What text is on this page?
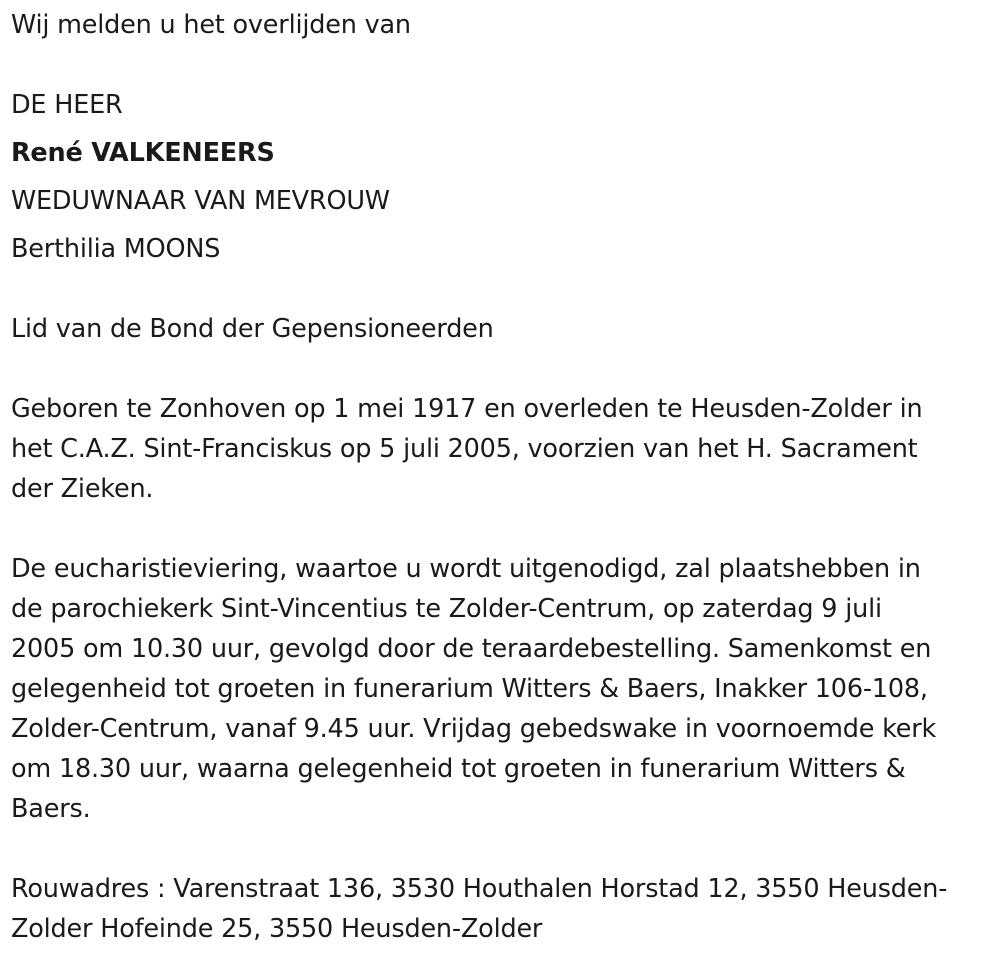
Wij melden u het overlijden van
DE HEER
René VALKENEERS
WEDUWNAAR VAN MEVROUW
Berthilia MOONS
Lid van de Bond der Gepensioneerden
Geboren te Zonhoven op 1 mei 1917 en overleden te Heusden-Zolder in
het C.A.Z. Sint-Franciskus op 5 juli 2005, voorzien van het H. Sacrament
der Zieken.
De eucharistieviering, waartoe u wordt uitgenodigd, zal plaatshebben in
de parochiekerk Sint-Vincentius te Zolder-Centrum, op zaterdag 9 juli
2005 om 10.30 uur, gevolgd door de teraardebestelling. Samenkomst en
gelegenheid tot groeten in funerarium Witters & Baers, Inakker 106-108,
Zolder-Centrum, vanaf 9.45 uur. Vrijdag gebedswake in voornoemde kerk
om 18.30 uur, waarna gelegenheid tot groeten in funerarium Witters &
Baers.
Rouwadres : Varenstraat 136, 3530 Houthalen Horstad 12, 3550 Heusden-
Zolder Hofeinde 25, 3550 Heusden-Zolder
